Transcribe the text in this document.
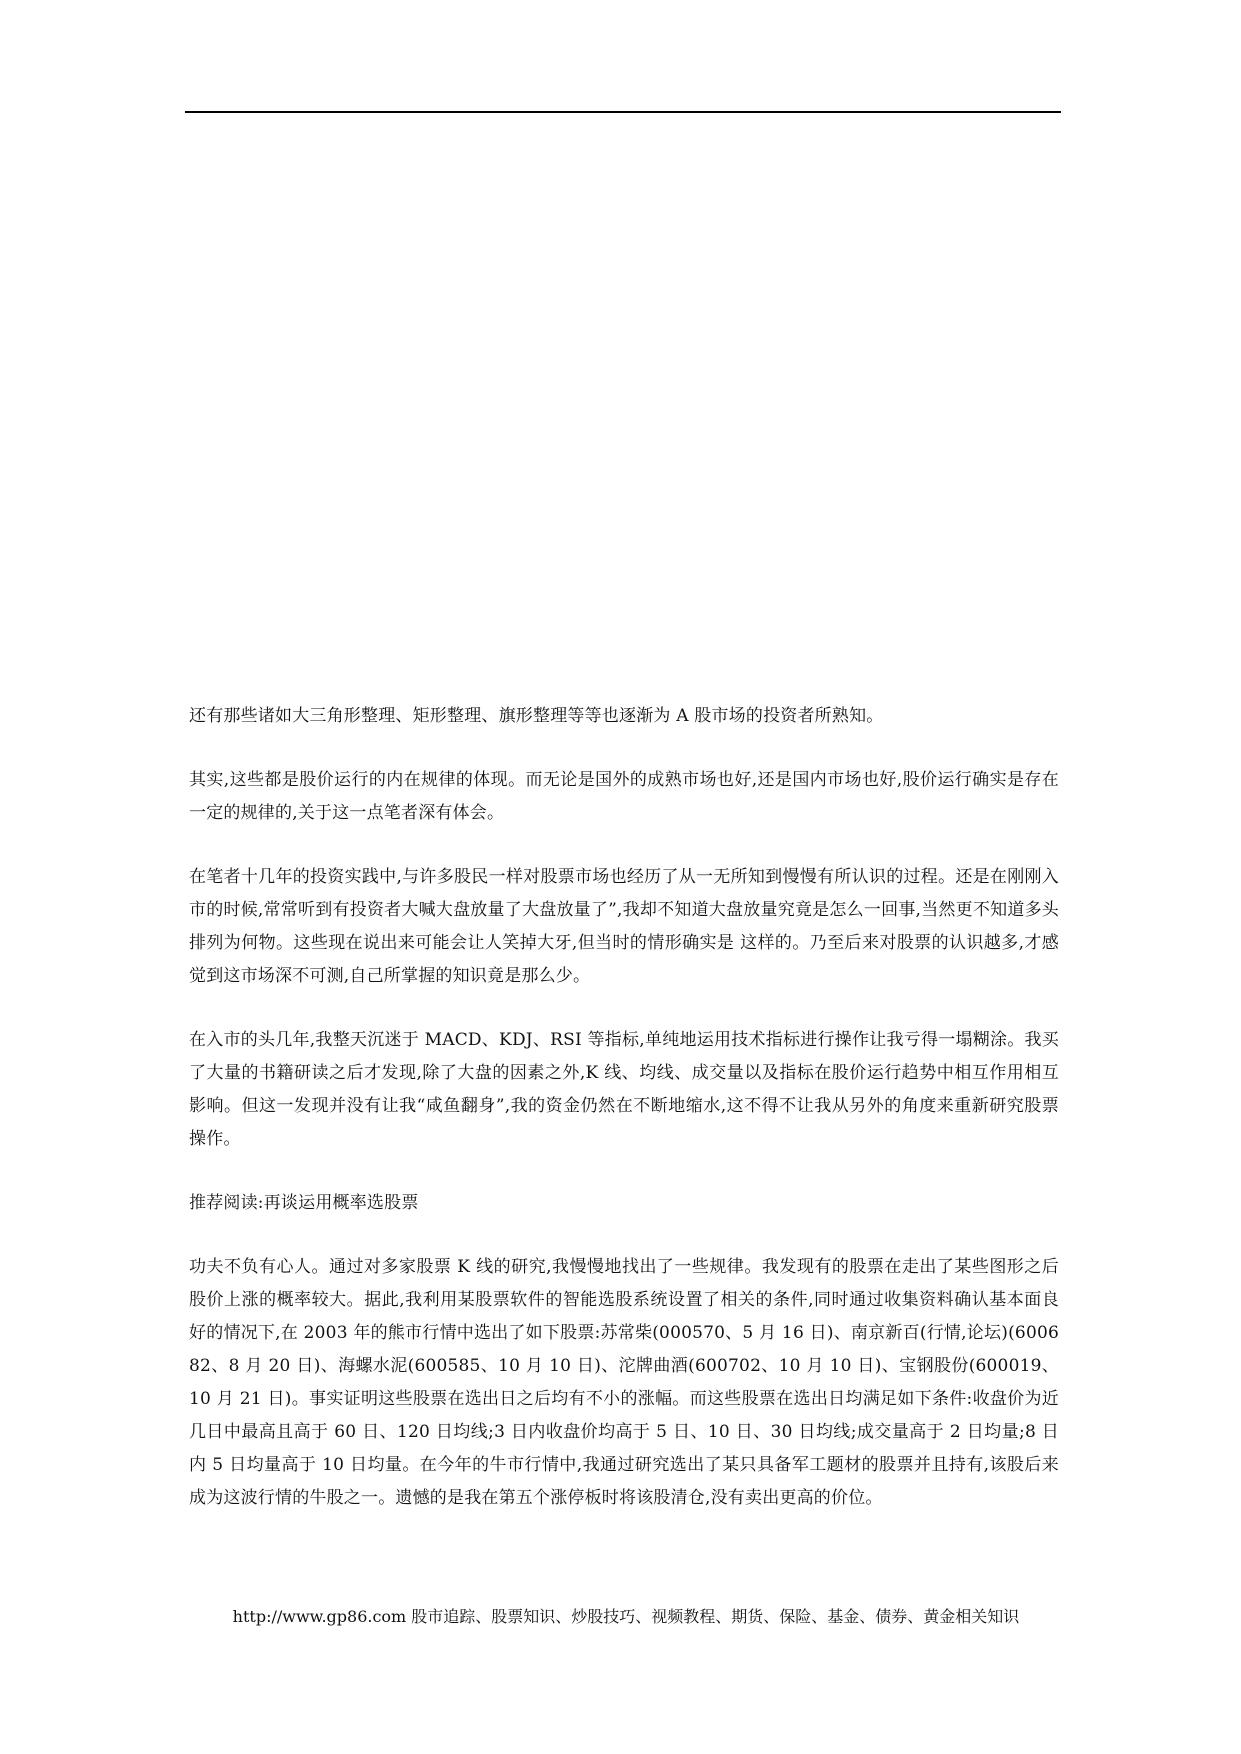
还有那些诸如大三角形整理、矩形整理、旗形整理等等也逐渐为 A 股市场的投资者所熟知。

其实,这些都是股价运行的内在规律的体现。而无论是国外的成熟市场也好,还是国内市场也好,股价运行确实是存在一定的规律的,关于这一点笔者深有体会。

在笔者十几年的投资实践中,与许多股民一样对股票市场也经历了从一无所知到慢慢有所认识的过程。还是在刚刚入市的时候,常常听到有投资者大喊大盘放量了大盘放量了”,我却不知道大盘放量究竟是怎么一回事,当然更不知道多头排列为何物。这些现在说出来可能会让人笑掉大牙,但当时的情形确实是 这样的。乃至后来对股票的认识越多,才感觉到这市场深不可测,自己所掌握的知识竟是那么少。

在入市的头几年,我整天沉迷于 MACD、KDJ、RSI 等指标,单纯地运用技术指标进行操作让我亏得一塌糊涂。我买了大量的书籍研读之后才发现,除了大盘的因素之外,K 线、均线、成交量以及指标在股价运行趋势中相互作用相互影响。但这一发现并没有让我“咸鱼翻身”,我的资金仍然在不断地缩水,这不得不让我从另外的角度来重新研究股票操作。

推荐阅读:再谈运用概率选股票

功夫不负有心人。通过对多家股票 K 线的研究,我慢慢地找出了一些规律。我发现有的股票在走出了某些图形之后股价上涨的概率较大。据此,我利用某股票软件的智能选股系统设置了相关的条件,同时通过收集资料确认基本面良好的情况下,在 2003 年的熊市行情中选出了如下股票:苏常柴(000570、5 月 16 日)、南京新百(行情,论坛)(600682、8 月 20 日)、海螺水泥(600585、10 月 10 日)、沱牌曲酒(600702、10 月 10 日)、宝钢股份(600019、10 月 21 日)。事实证明这些股票在选出日之后均有不小的涨幅。而这些股票在选出日均满足如下条件:收盘价为近几日中最高且高于 60 日、120 日均线;3 日内收盘价均高于 5 日、10 日、30 日均线;成交量高于 2 日均量;8 日内 5 日均量高于 10 日均量。在今年的牛市行情中,我通过研究选出了某只具备军工题材的股票并且持有,该股后来成为这波行情的牛股之一。遗憾的是我在第五个涨停板时将该股清仓,没有卖出更高的价位。

http://www.gp86.com 股市追踪、股票知识、炒股技巧、视频教程、期货、保险、基金、债券、黄金相关知识
